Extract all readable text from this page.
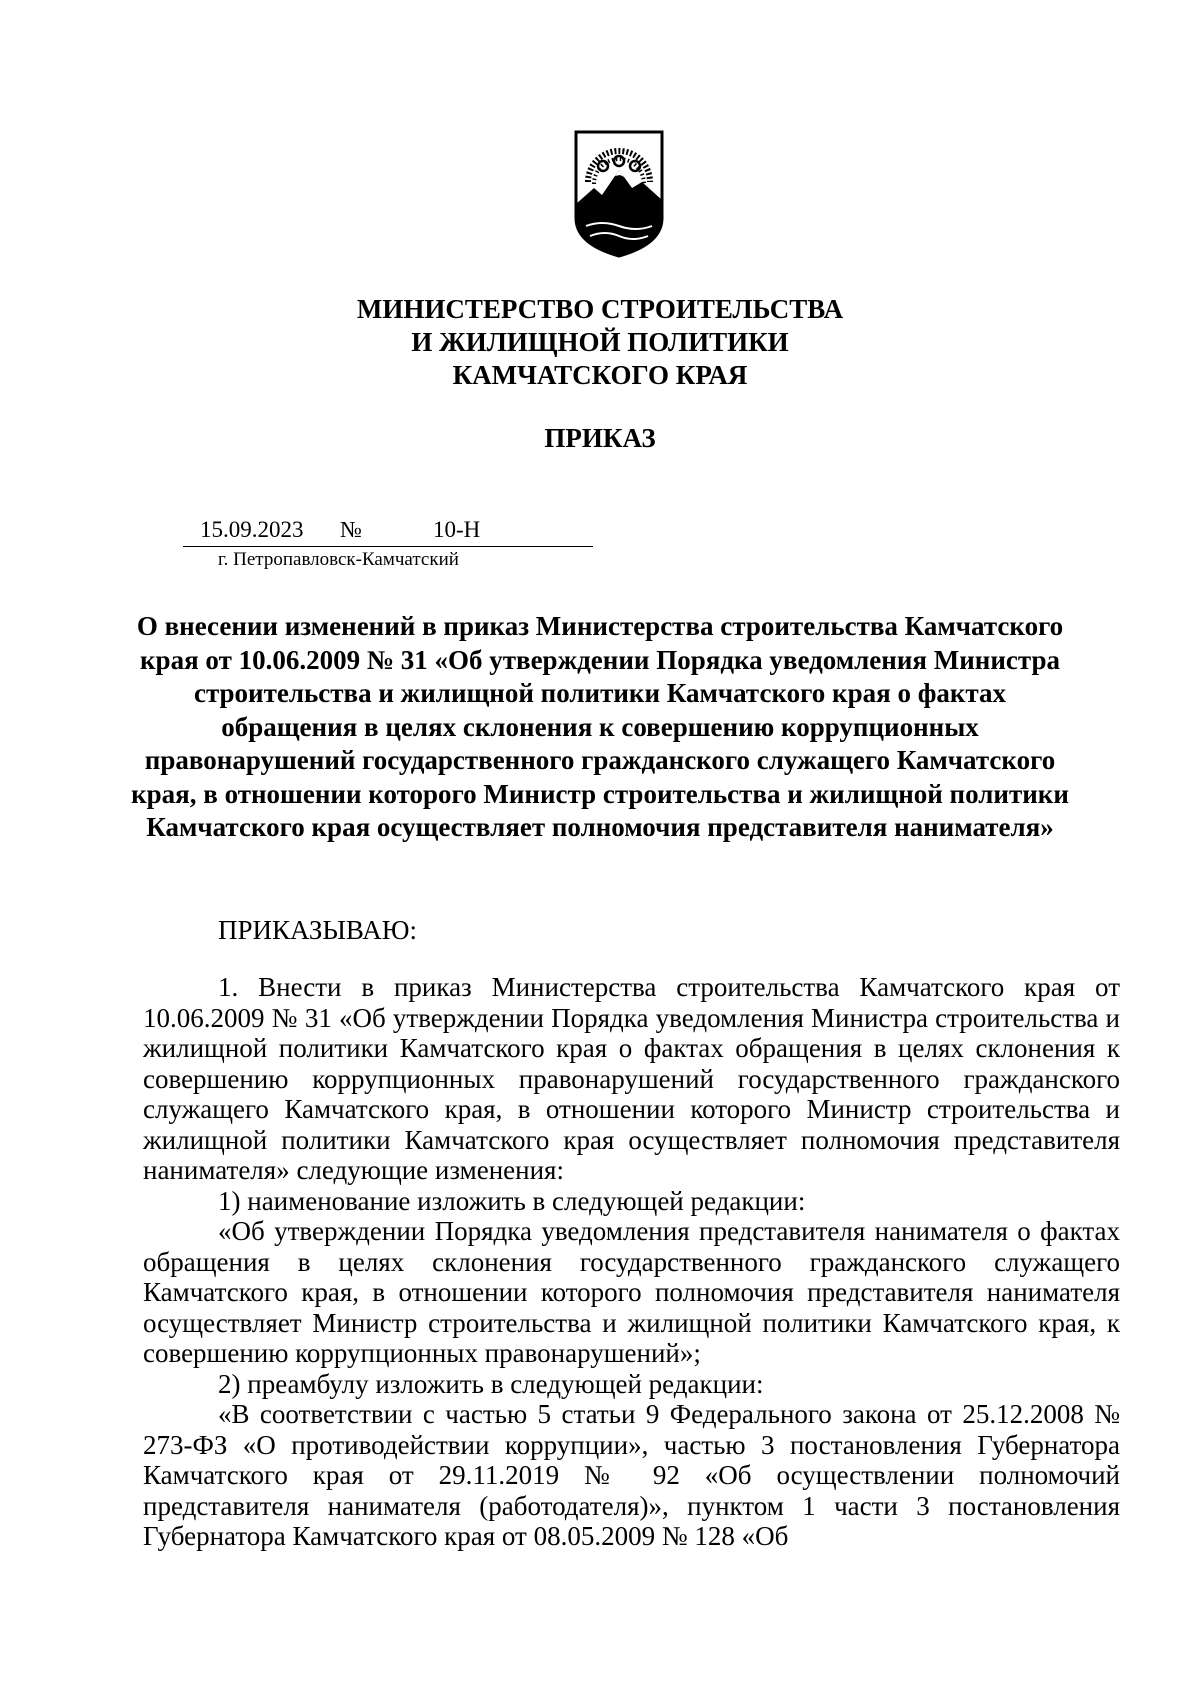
МИНИСТЕРСТВО СТРОИТЕЛЬСТВА
И ЖИЛИЩНОЙ ПОЛИТИКИ
КАМЧАТСКОГО КРАЯ
ПРИКАЗ
15.09.2023 №	10-Н
г. Петропавловск-Камчатский
О внесении изменений в приказ Министерства строительства Камчатского края от 10.06.2009 № 31 «Об утверждении Порядка уведомления Министра строительства и жилищной политики Камчатского края о фактах обращения в целях склонения к совершению коррупционных правонарушений государственного гражданского служащего Камчатского края, в отношении которого Министр строительства и жилищной политики Камчатского края осуществляет полномочия представителя нанимателя»
ПРИКАЗЫВАЮ:

1. Внести в приказ Министерства строительства Камчатского края от 10.06.2009 № 31 «Об утверждении Порядка уведомления Министра строительства и жилищной политики Камчатского края о фактах обращения в целях склонения к совершению коррупционных правонарушений государственного гражданского служащего Камчатского края, в отношении которого Министр строительства и жилищной политики Камчатского края осуществляет полномочия представителя нанимателя» следующие изменения:

1) наименование изложить в следующей редакции:

«Об утверждении Порядка уведомления представителя нанимателя о фактах обращения в целях склонения государственного гражданского служащего Камчатского края, в отношении которого полномочия представителя нанимателя осуществляет Министр строительства и жилищной политики Камчатского края, к совершению коррупционных правонарушений»;

2) преамбулу изложить в следующей редакции:

«В соответствии с частью 5 статьи 9 Федерального закона от 25.12.2008 № 273-ФЗ «О противодействии коррупции», частью 3 постановления Губернатора Камчатского края от 29.11.2019 № 92 «Об осуществлении полномочий представителя нанимателя (работодателя)», пунктом 1 части 3 постановления Губернатора Камчатского края от 08.05.2009 № 128 «Об
